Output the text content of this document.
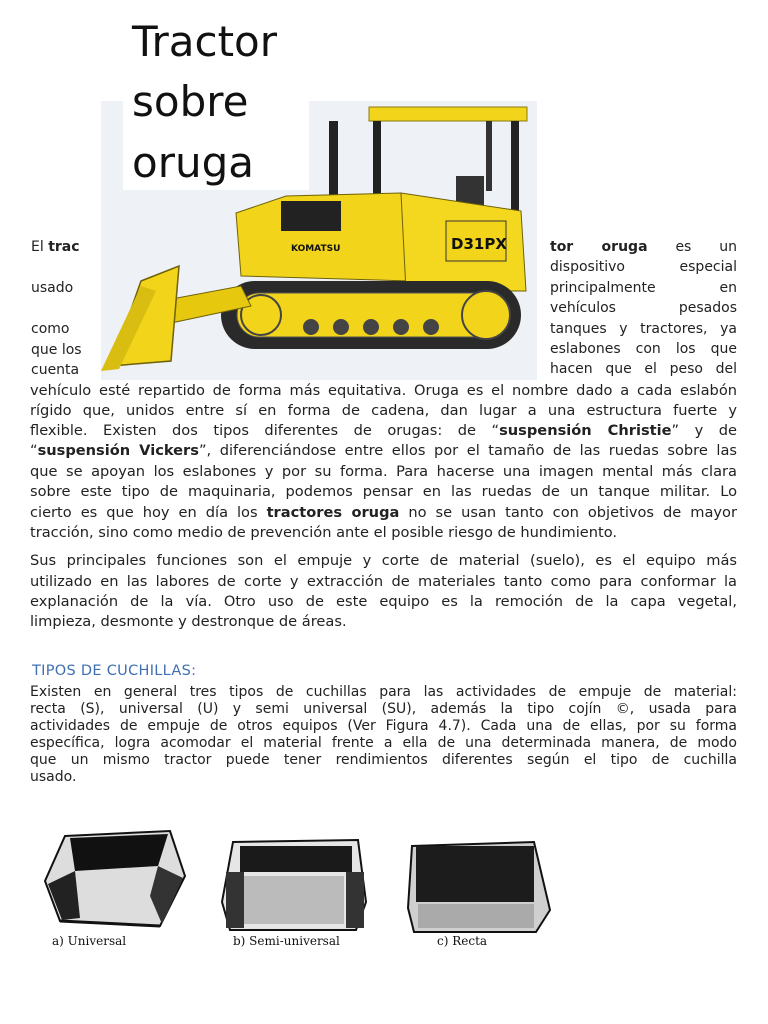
KOMATSU	D31PX
Tractor
sobre
oruga
El trac
usado
como
que los
cuenta
tor oruga es un
dispositivo especial
principalmente en
vehículos pesados
tanques y tractores, ya
eslabones con los que
hacen que el peso del
vehículo esté repartido de forma más equitativa. Oruga es el nombre dado a cada eslabón
rígido que, unidos entre sí en forma de cadena, dan lugar a una estructura fuerte y
flexible. Existen dos tipos diferentes de orugas: de “suspensión Christie” y de
“suspensión Vickers”, diferenciándose entre ellos por el tamaño de las ruedas sobre las
que se apoyan los eslabones y por su forma. Para hacerse una imagen mental más clara
sobre este tipo de maquinaria, podemos pensar en las ruedas de un tanque militar. Lo
cierto es que hoy en día los tractores oruga no se usan tanto con objetivos de mayor
tracción, sino como medio de prevención ante el posible riesgo de hundimiento.
Sus principales funciones son el empuje y corte de material (suelo), es el equipo más
utilizado en las labores de corte y extracción de materiales tanto como para conformar la
explanación de la vía. Otro uso de este equipo es la remoción de la capa vegetal,
limpieza, desmonte y destronque de áreas.
TIPOS DE CUCHILLAS:
Existen en general tres tipos de cuchillas para las actividades de empuje de material:
recta (S), universal (U) y semi universal (SU), además la tipo cojín ©, usada para
actividades de empuje de otros equipos (Ver Figura 4.7). Cada una de ellas, por su forma
específica, logra acomodar el material frente a ella de una determinada manera, de modo
que un mismo tractor puede tener rendimientos diferentes según el tipo de cuchilla
usado.
a) Universal	b) Semi-universal	c) Recta
